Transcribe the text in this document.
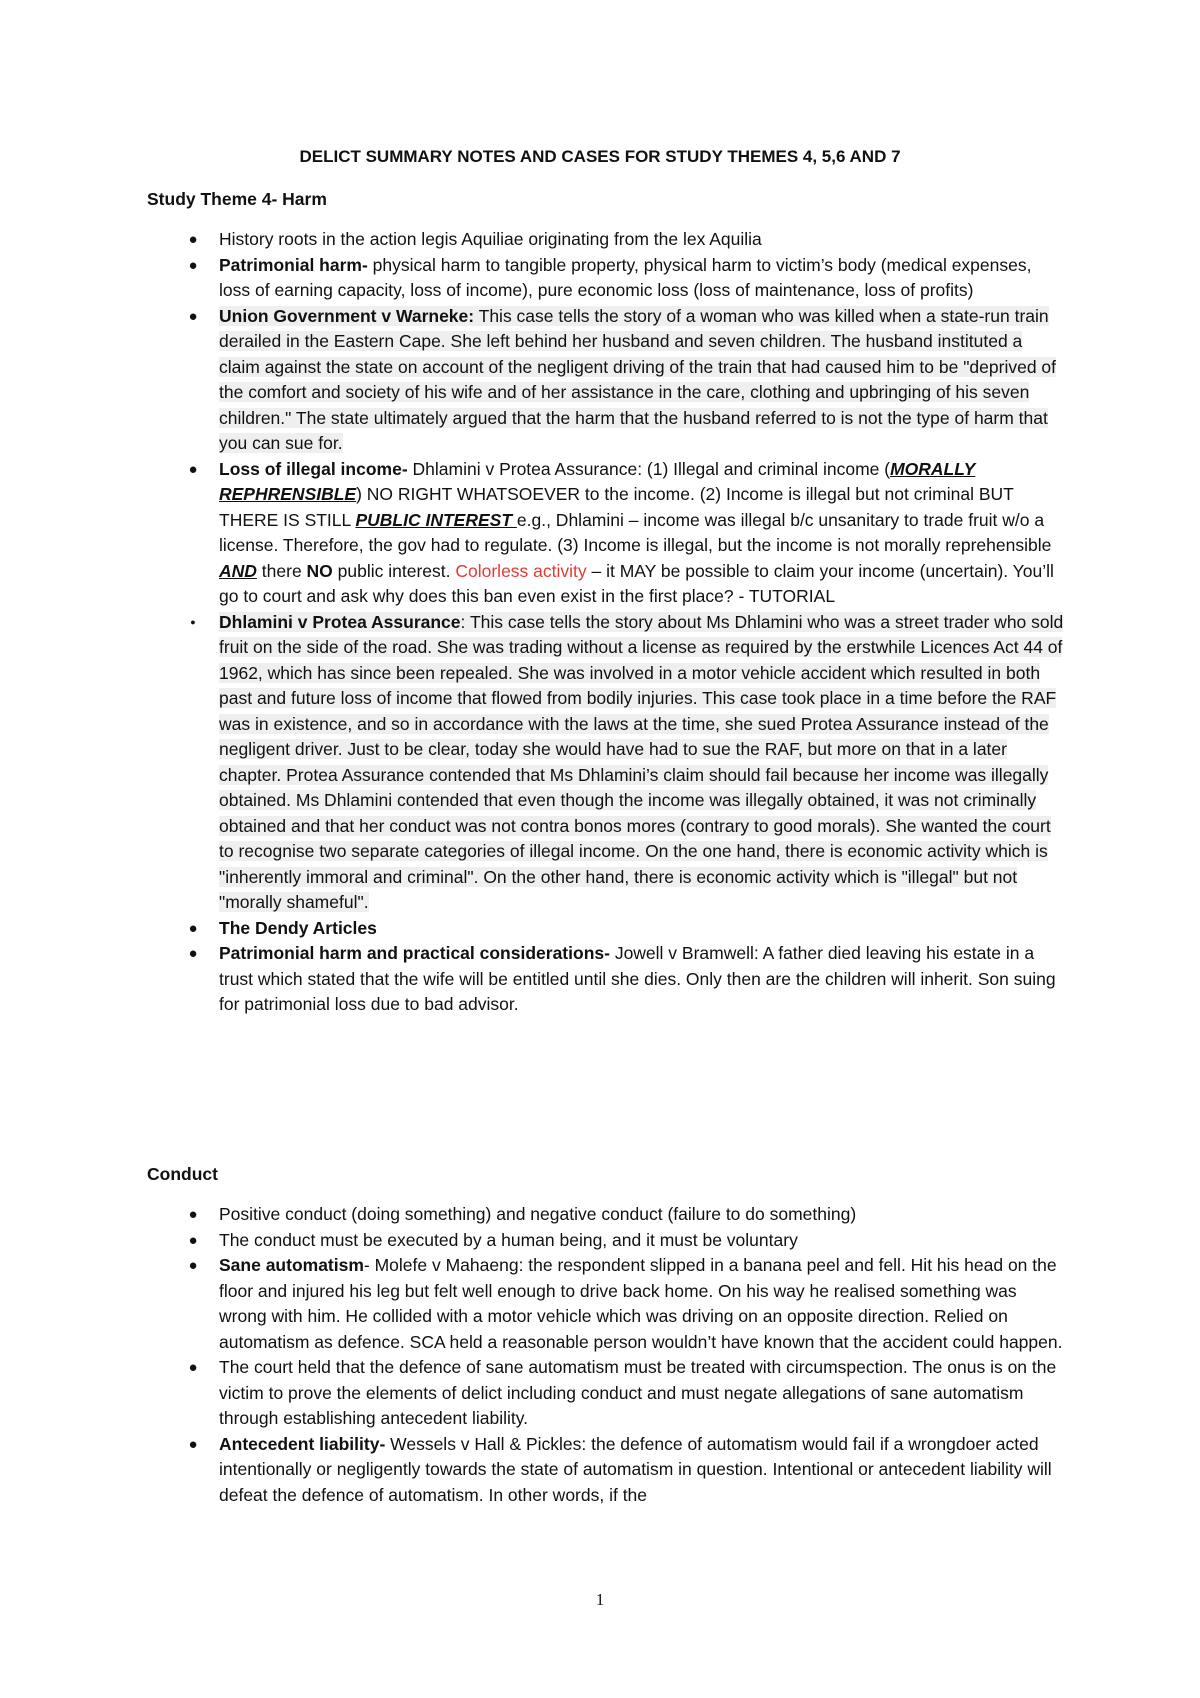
DELICT SUMMARY NOTES AND CASES FOR STUDY THEMES 4, 5,6 AND 7
Study Theme 4- Harm
● History roots in the action legis Aquiliae originating from the lex Aquilia
● Patrimonial harm- physical harm to tangible property, physical harm to victim’s body (medical expenses, loss of earning capacity, loss of income), pure economic loss (loss of maintenance, loss of profits)
● Union Government v Warneke: This case tells the story of a woman who was killed when a state-run train derailed in the Eastern Cape. She left behind her husband and seven children. The husband instituted a claim against the state on account of the negligent driving of the train that had caused him to be "deprived of the comfort and society of his wife and of her assistance in the care, clothing and upbringing of his seven children." The state ultimately argued that the harm that the husband referred to is not the type of harm that you can sue for.
● Loss of illegal income- Dhlamini v Protea Assurance: (1) Illegal and criminal income (MORALLY REPHRENSIBLE) NO RIGHT WHATSOEVER to the income. (2) Income is illegal but not criminal BUT THERE IS STILL PUBLIC INTEREST e.g., Dhlamini – income was illegal b/c unsanitary to trade fruit w/o a license. Therefore, the gov had to regulate. (3) Income is illegal, but the income is not morally reprehensible AND there NO public interest. Colorless activity – it MAY be possible to claim your income (uncertain). You’ll go to court and ask why does this ban even exist in the first place? - TUTORIAL
● Dhlamini v Protea Assurance: This case tells the story about Ms Dhlamini who was a street trader who sold fruit on the side of the road. She was trading without a license as required by the erstwhile Licences Act 44 of 1962, which has since been repealed. She was involved in a motor vehicle accident which resulted in both past and future loss of income that flowed from bodily injuries. This case took place in a time before the RAF was in existence, and so in accordance with the laws at the time, she sued Protea Assurance instead of the negligent driver. Just to be clear, today she would have had to sue the RAF, but more on that in a later chapter. Protea Assurance contended that Ms Dhlamini’s claim should fail because her income was illegally obtained. Ms Dhlamini contended that even though the income was illegally obtained, it was not criminally obtained and that her conduct was not contra bonos mores (contrary to good morals). She wanted the court to recognise two separate categories of illegal income. On the one hand, there is economic activity which is "inherently immoral and criminal". On the other hand, there is economic activity which is "illegal" but not "morally shameful".
● The Dendy Articles
● Patrimonial harm and practical considerations- Jowell v Bramwell: A father died leaving his estate in a trust which stated that the wife will be entitled until she dies. Only then are the children will inherit. Son suing for patrimonial loss due to bad advisor.
Conduct
● Positive conduct (doing something) and negative conduct (failure to do something)
● The conduct must be executed by a human being, and it must be voluntary
● Sane automatism- Molefe v Mahaeng: the respondent slipped in a banana peel and fell. Hit his head on the floor and injured his leg but felt well enough to drive back home. On his way he realised something was wrong with him. He collided with a motor vehicle which was driving on an opposite direction. Relied on automatism as defence. SCA held a reasonable person wouldn’t have known that the accident could happen.
● The court held that the defence of sane automatism must be treated with circumspection. The onus is on the victim to prove the elements of delict including conduct and must negate allegations of sane automatism through establishing antecedent liability.
● Antecedent liability- Wessels v Hall & Pickles: the defence of automatism would fail if a wrongdoer acted intentionally or negligently towards the state of automatism in question. Intentional or antecedent liability will defeat the defence of automatism. In other words, if the
1
